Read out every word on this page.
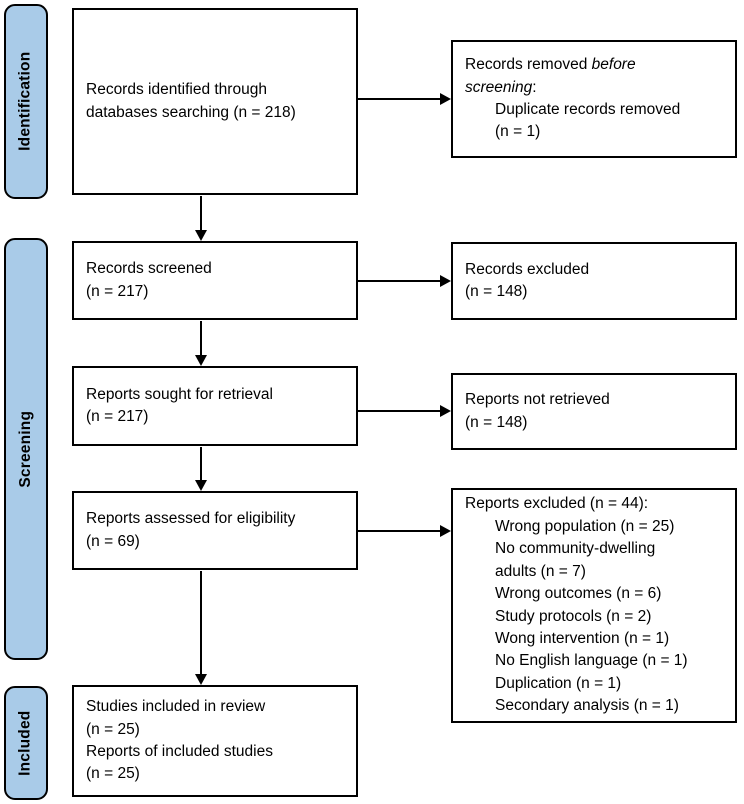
Identification
Screening
Included
Records identified through
databases searching (n = 218)
Records screened
(n = 217)
Reports sought for retrieval
(n = 217)
Reports assessed for eligibility
(n = 69)
Studies included in review
(n = 25)
Reports of included studies
(n = 25)
Records removed before
screening:
Duplicate records removed
(n = 1)
Records excluded
(n = 148)
Reports not retrieved
(n = 148)
Reports excluded (n = 44):
Wrong population (n = 25)
No community-dwelling
adults (n = 7)
Wrong outcomes (n = 6)
Study protocols (n = 2)
Wong intervention (n = 1)
No English language (n = 1)
Duplication (n = 1)
Secondary analysis (n = 1)
